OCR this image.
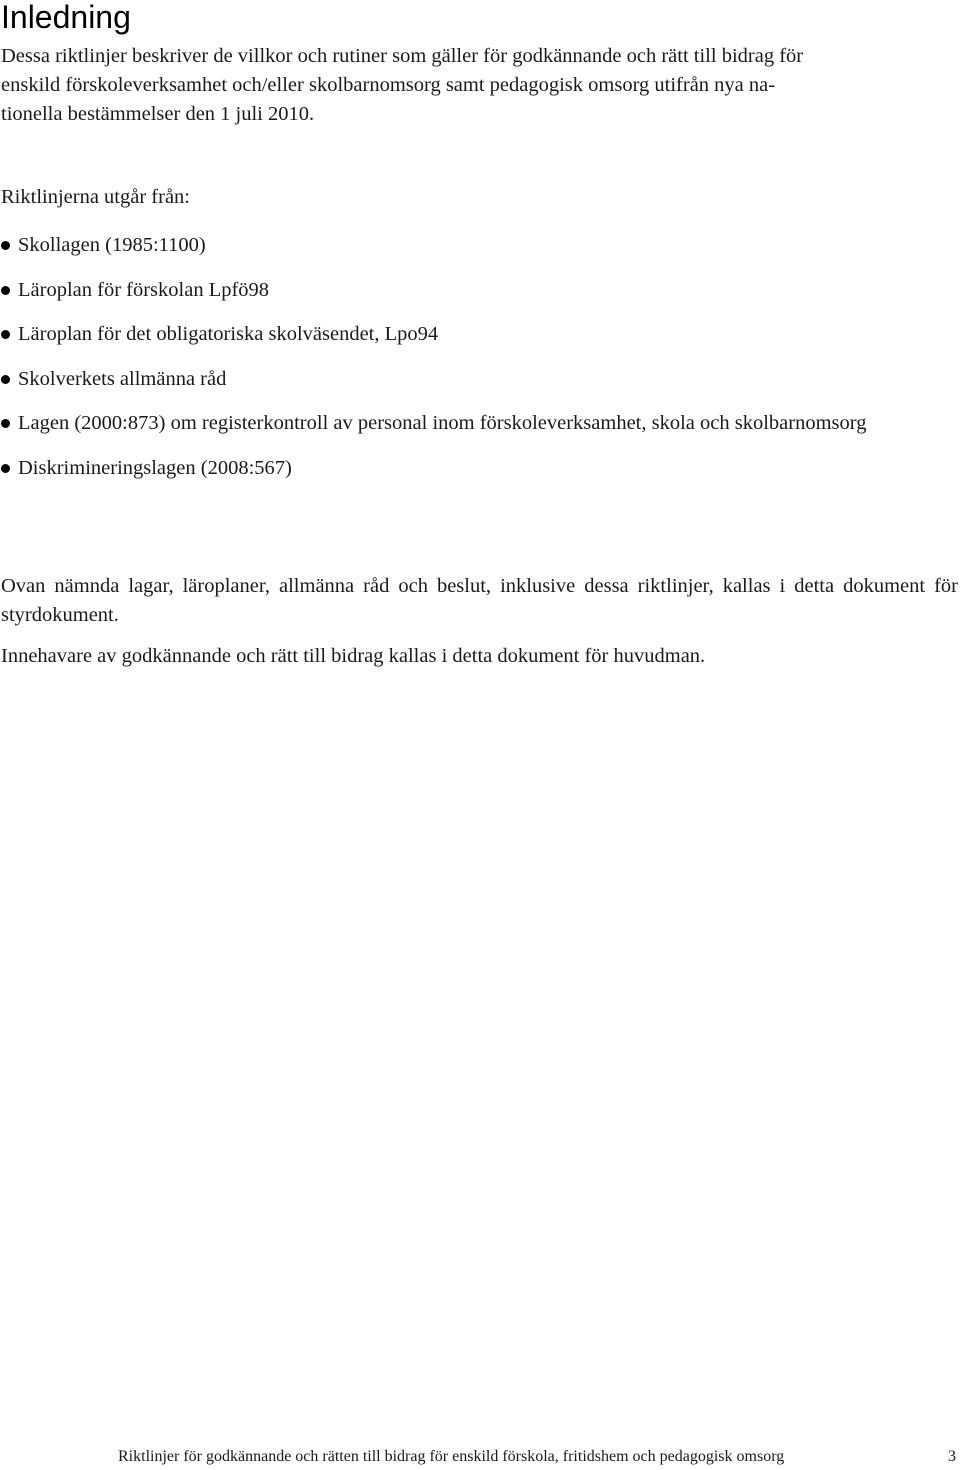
Inledning

Dessa riktlinjer beskriver de villkor och rutiner som gäller för godkännande och rätt till bidrag för
enskild förskoleverksamhet och/eller skolbarnomsorg samt pedagogisk omsorg utifrån nya na-
tionella bestämmelser den 1 juli 2010.

Riktlinjerna utgår från:

Skollagen (1985:1100)
Läroplan för förskolan Lpfö98
Läroplan för det obligatoriska skolväsendet, Lpo94
Skolverkets allmänna råd
Lagen (2000:873) om registerkontroll av personal inom förskoleverksamhet, skola och skolbarnomsorg
Diskrimineringslagen (2008:567)

Ovan nämnda lagar, läroplaner, allmänna råd och beslut, inklusive dessa riktlinjer, kallas i detta dokument för styrdokument.

Innehavare av godkännande och rätt till bidrag kallas i detta dokument för huvudman.

Riktlinjer för godkännande och rätten till bidrag för enskild förskola, fritidshem och pedagogisk omsorg	3
